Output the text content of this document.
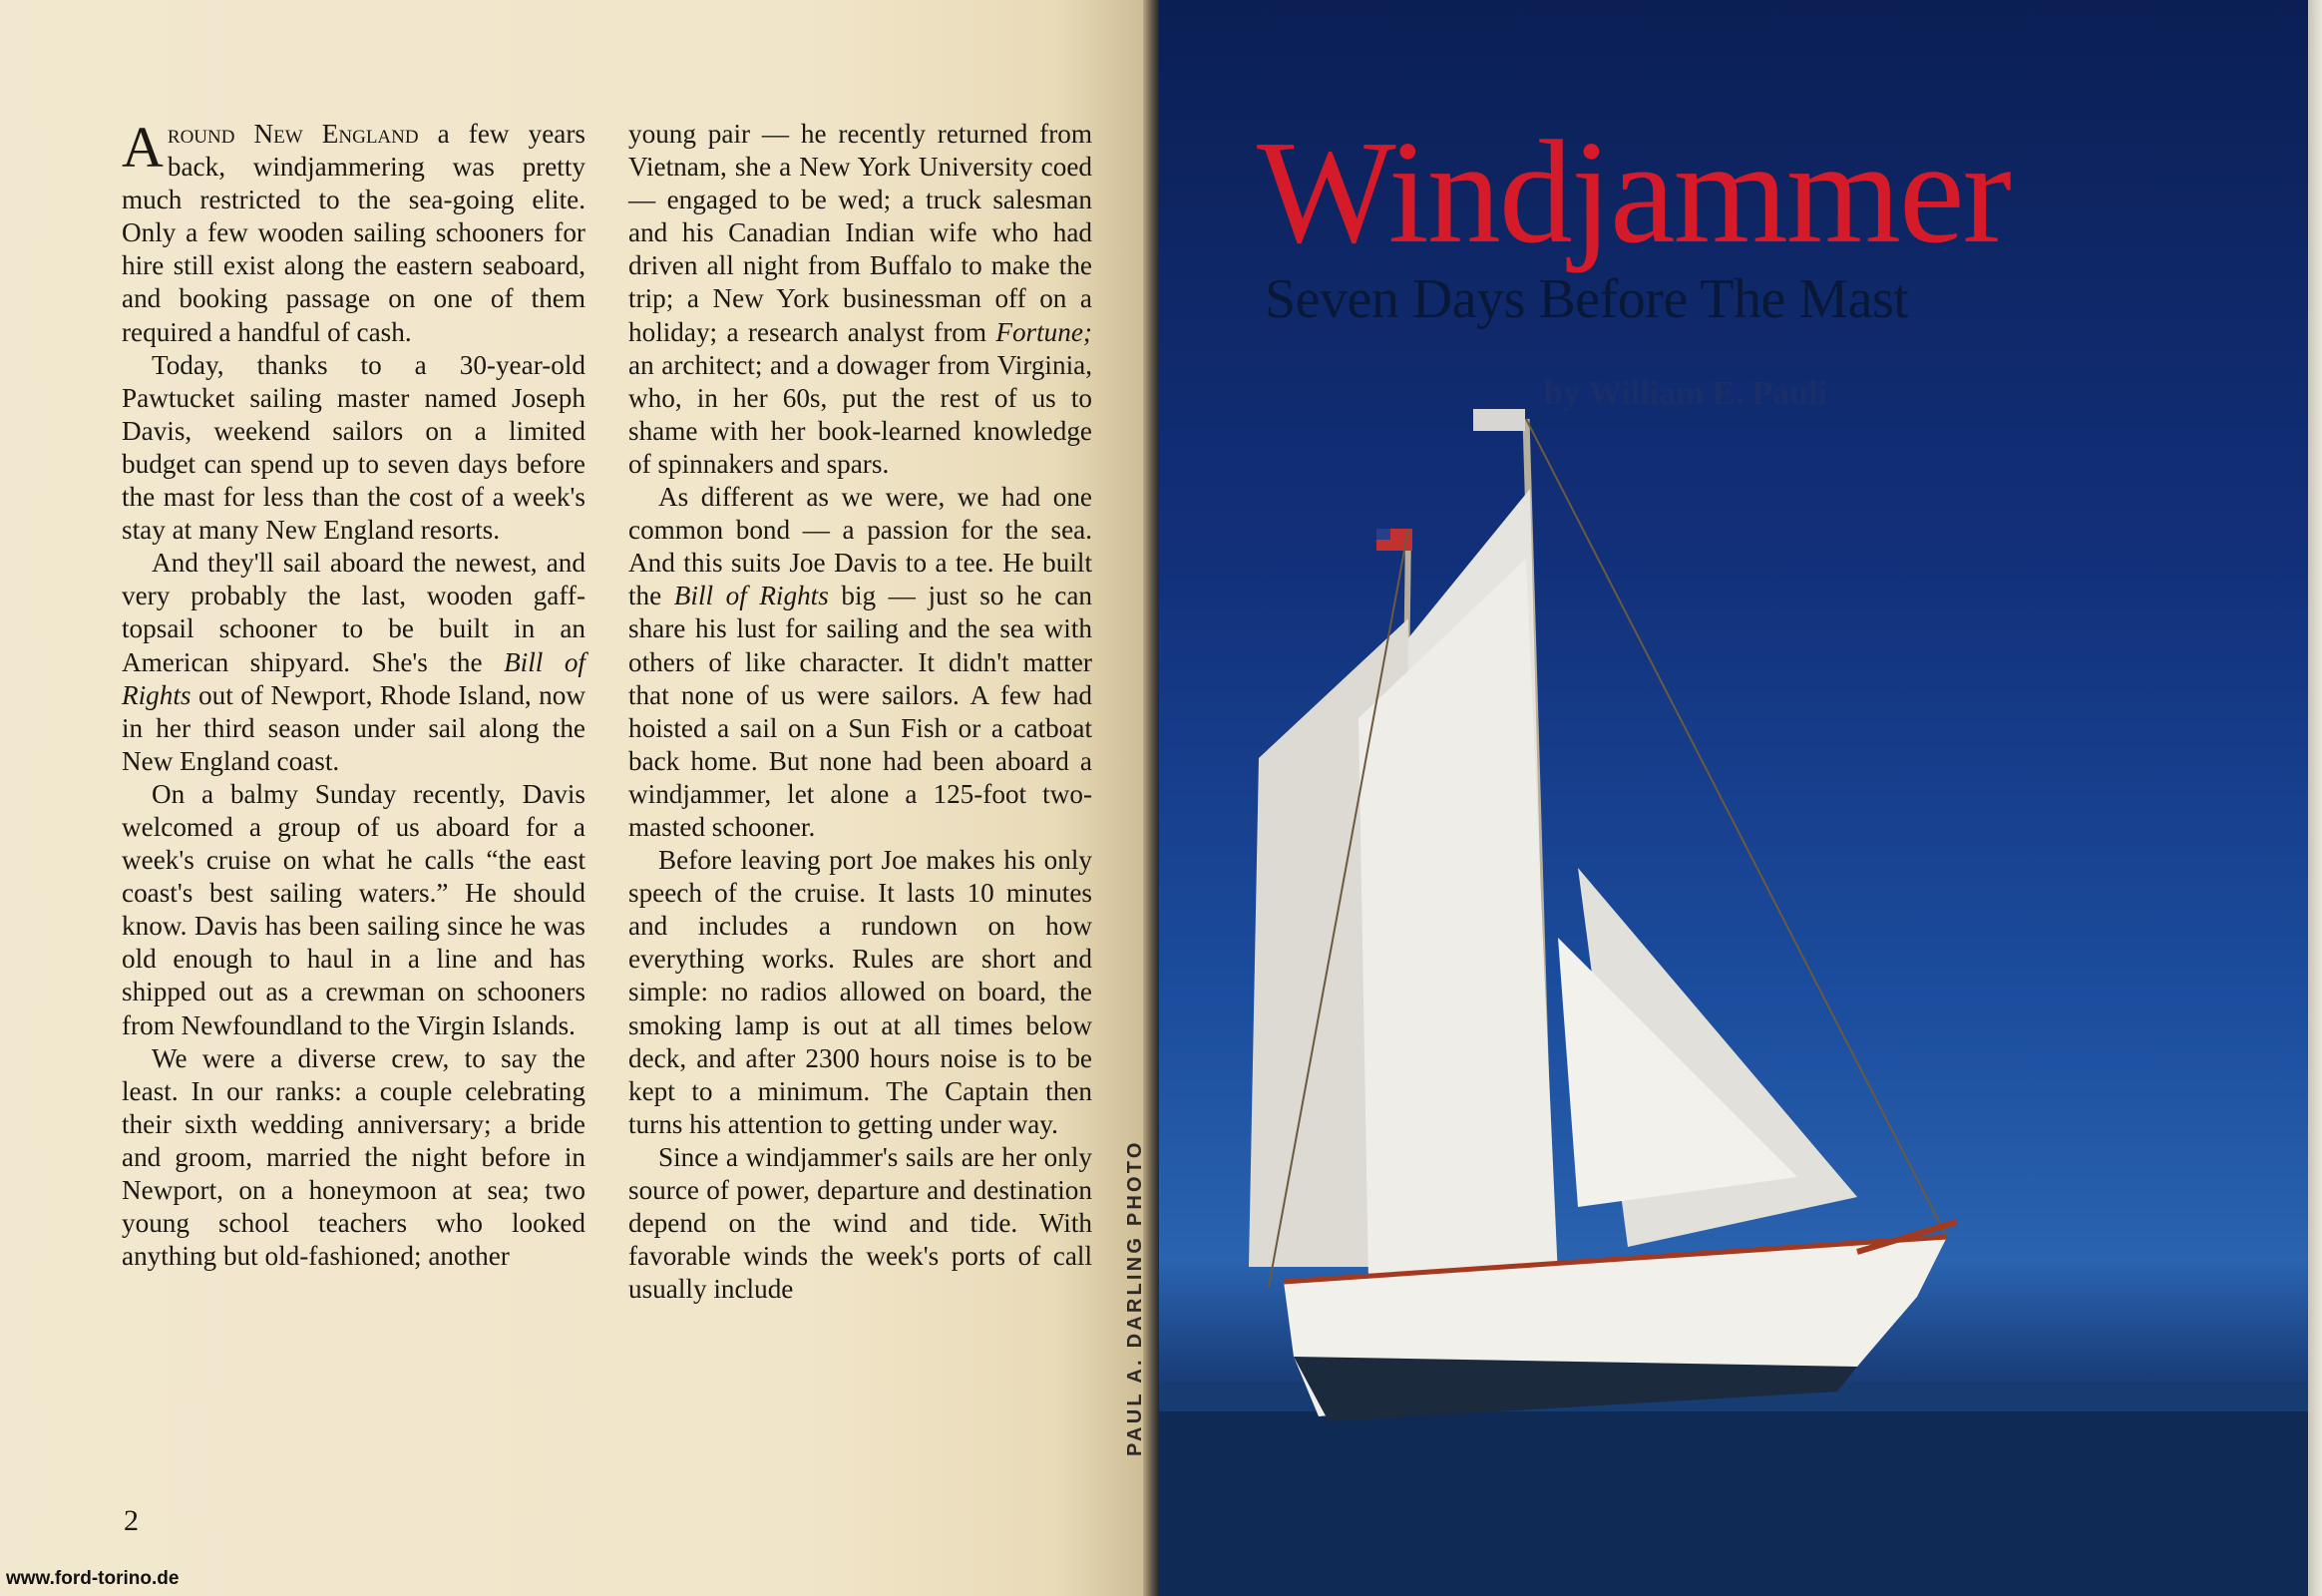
Around New England a few years back, windjammering was pretty much restricted to the sea-going elite. Only a few wooden sailing schooners for hire still exist along the eastern seaboard, and booking passage on one of them required a handful of cash.

Today, thanks to a 30-year-old Pawtucket sailing master named Joseph Davis, weekend sailors on a limited budget can spend up to seven days before the mast for less than the cost of a week's stay at many New England resorts.

And they'll sail aboard the newest, and very probably the last, wooden gaff-topsail schooner to be built in an American shipyard. She's the Bill of Rights out of Newport, Rhode Island, now in her third season under sail along the New England coast.

On a balmy Sunday recently, Davis welcomed a group of us aboard for a week's cruise on what he calls “the east coast's best sailing waters.” He should know. Davis has been sailing since he was old enough to haul in a line and has shipped out as a crewman on schooners from Newfoundland to the Virgin Islands.

We were a diverse crew, to say the least. In our ranks: a couple celebrating their sixth wedding anniversary; a bride and groom, married the night before in Newport, on a honeymoon at sea; two young school teachers who looked anything but old-fashioned; another

young pair — he recently returned from Vietnam, she a New York University coed — engaged to be wed; a truck salesman and his Canadian Indian wife who had driven all night from Buffalo to make the trip; a New York businessman off on a holiday; a research analyst from Fortune; an architect; and a dowager from Virginia, who, in her 60s, put the rest of us to shame with her book-learned knowledge of spinnakers and spars.

As different as we were, we had one common bond — a passion for the sea. And this suits Joe Davis to a tee. He built the Bill of Rights big — just so he can share his lust for sailing and the sea with others of like character. It didn't matter that none of us were sailors. A few had hoisted a sail on a Sun Fish or a catboat back home. But none had been aboard a windjammer, let alone a 125-foot two-masted schooner.

Before leaving port Joe makes his only speech of the cruise. It lasts 10 minutes and includes a rundown on how everything works. Rules are short and simple: no radios allowed on board, the smoking lamp is out at all times below deck, and after 2300 hours noise is to be kept to a minimum. The Captain then turns his attention to getting under way.

Since a windjammer's sails are her only source of power, departure and destination depend on the wind and tide. With favorable winds the week's ports of call usually include

2
PAUL A. DARLING PHOTO
www.ford-torino.de
Windjammer
Seven Days Before The Mast
by William E. Pauli
